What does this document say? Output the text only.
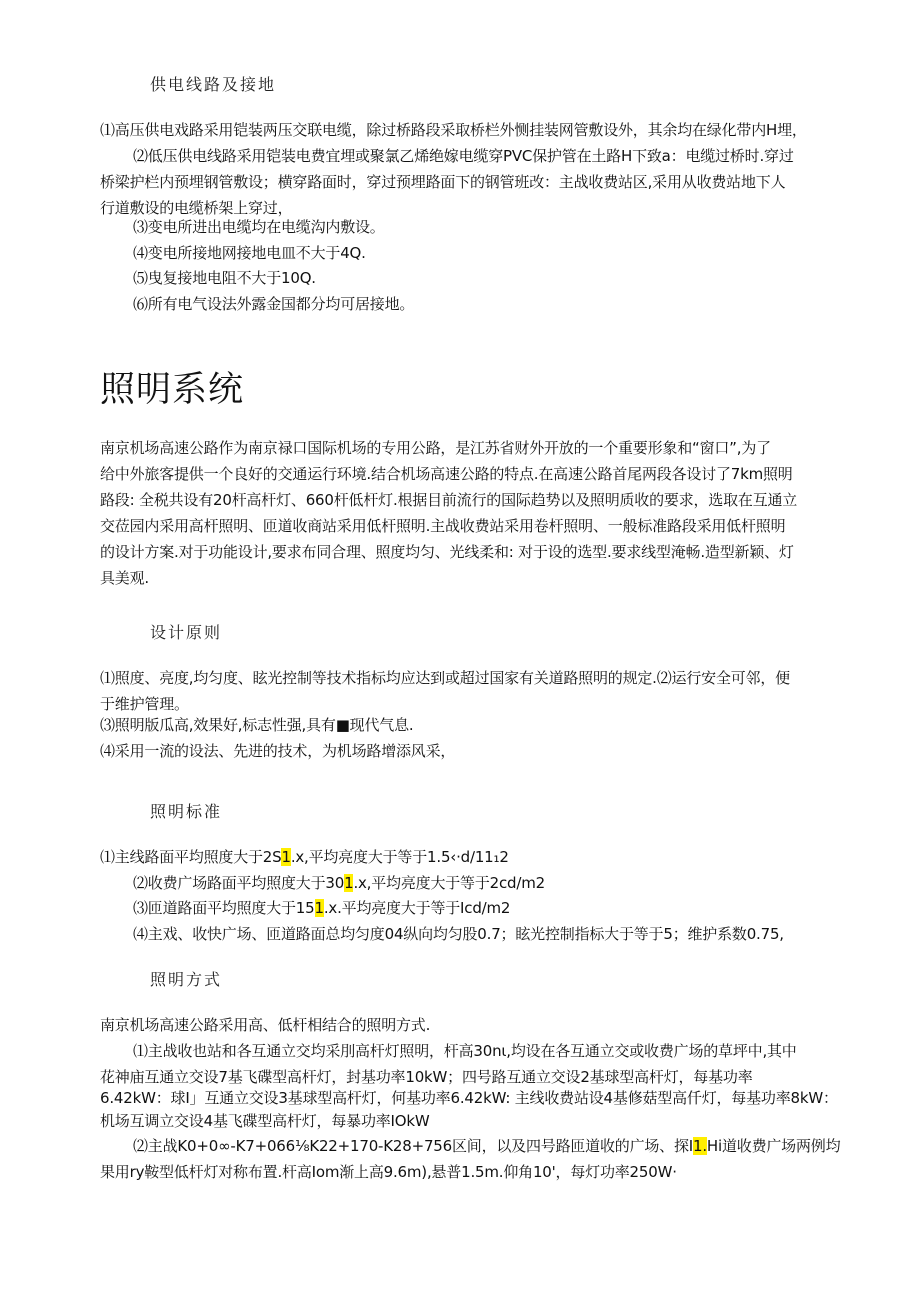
供电线路及接地

⑴高压供电戏路采用铠装两压交联电缆，除过桥路段采取桥栏外恻挂装网管敷设外，其余均在绿化带内H埋，

⑵低压供电线路采用铠装电费宜埋或聚氯乙烯绝嫁电缆穿PVC保护管在土路H下致a：电缆过桥时.穿过

桥梁护栏内预埋钢管敷设；横穿路面时，穿过预埋路面下的钢管班改：主战收费站区,采用从收费站地下人

行道敷设的电缆桥架上穿过，

⑶变电所进出电缆均在电缆沟内敷设。

⑷变电所接地网接地电皿不大于4Q.

⑸曳复接地电阻不大于10Q.

⑹所有电气设法外露金国都分均可居接地。

照明系统

南京机场高速公路作为南京禄口国际机场的专用公路，是江苏省财外开放的一个重要形象和“窗口”,为了

给中外旅客提供一个良好的交通运行环境.结合机场高速公路的特点.在高速公路首尾两段各设讨了7km照明

路段: 全税共设有20杆高杆灯、660杆低杆灯.根据目前流行的国际趋势以及照明质收的要求，选取在互通立

交莅园内采用高杆照明、匝道收商站采用低杆照明.主战收费站采用卷杆照明、一般标准路段采用低杆照明

的设计方案.对于功能设计,要求布同合理、照度均匀、光线柔和: 对于设的选型.要求线型淹畅.造型新颖、灯

具美观.

设计原则

⑴照度、亮度,均匀度、眩光控制等技术指标均应达到或超过国家有关道路照明的规定.⑵运行安全可邻，便

于维护管理。

⑶照明版瓜高,效果好,标志性强,具有■现代气息.

⑷采用一流的设法、先进的技术，为机场路增添风采，

照明标准

⑴主线路面平均照度大于2S1.x,平均亮度大于等于1.5‹·d∕11₁2

⑵收费广场路面平均照度大于301.x,平均亮度大于等于2cd/m2

⑶匝道路面平均照度大于151.x.平均亮度大于等于Icd/m2

⑷主戏、收快广场、匝道路面总均匀度04纵向均匀股0.7；眩光控制指标大于等于5；维护系数0.75,

照明方式

南京机场高速公路采用高、低杆相结合的照明方式.

⑴主战收也站和各互通立交均采刖高杆灯照明，杆高30nι,均设在各互通立交或收费广场的草坪中,其中

花神庙互通立交设7基飞碟型高杆灯，封基功率10kW；四号路互通立交设2基球型高杆灯，每基功率

6.42kW：球I」互通立交设3基球型高杆灯，何基功率6.42kW: 主线收费站设4基修菇型高仟灯，每基功率8kW：

机场互调立交设4基飞碟型高杆灯，每暴功率IOkW

⑵主战K0+0∞-K7+066⅛K22+170-K28+756区间，以及四号路匝道收的广场、探I1.Hi道收费广场两例均

果用ry鞍型低杆灯对称布置.杆高Iom渐上高9.6m),悬普1.5m.仰角10'，每灯功率250W·
